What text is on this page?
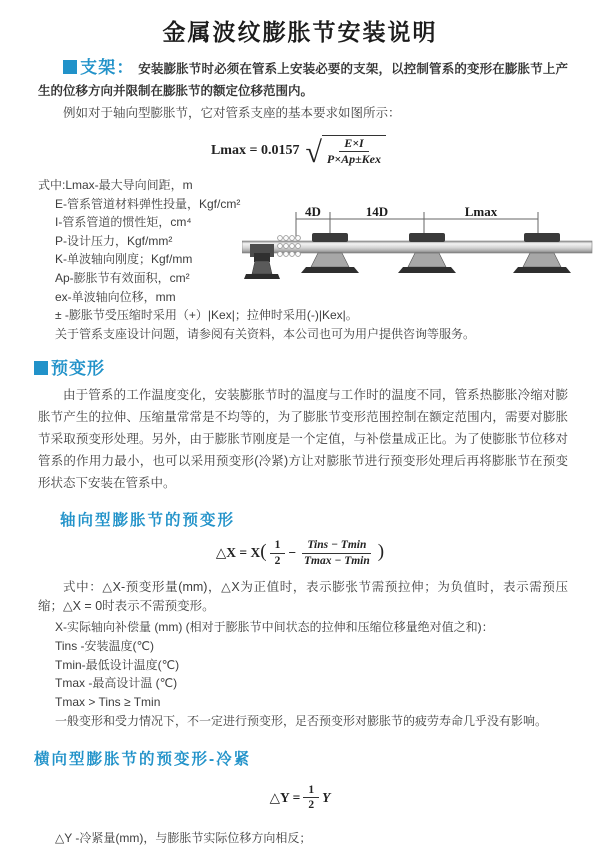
金属波纹膨胀节安装说明

支架： 安装膨胀节时必须在管系上安装必要的支架，以控制管系的变形在膨胀节上产生的位移方向并限制在膨胀节的额定位移范围内。

例如对于轴向型膨胀节，它对管系支座的基本要求如图所示：

Lmax = 0.0157 √ $\frac{E\times I}{\text{P×Ap±Kex}}$
式中:Lmax-最大导向间距，m
E-管系管道材料弹性投量，Kgf/cm²
I-管系管道的惯性矩，cm⁴
P-设计压力，Kgf/mm²
K-单波轴向刚度；Kgf/mm
Ap-膨胀节有效面积，cm²
ex-单波轴向位移，mm
± -膨胀节受压缩时采用（+）|Kex|；拉伸时采用(-)|Kex|。
关于管系支座设计问题，请参阅有关资料，本公司也可为用户提供咨询等服务。
4D	14D	Lmax
预变形

由于管系的工作温度变化，安装膨胀节时的温度与工作时的温度不同，管系热膨胀冷缩对膨胀节产生的拉伸、压缩量常常是不均等的，为了膨胀节变形范围控制在额定范围内，需要对膨胀节采取预变形处理。另外，由于膨胀节刚度是一个定值，与补偿量成正比。为了使膨胀节位移对管系的作用力最小，也可以采用预变形(冷紧)方让对膨胀节进行预变形处理后再将膨胀节在预变形状态下安装在管系中。

轴向型膨胀节的预变形
△X = X ( $\frac{1}{2} - \frac{\text{Tins − Tmin}}{Tmax - Tmin}$ )

式中：△X-预变形量(mm)，△X为正值时，表示膨张节需预拉伸；为负值时，表示需预压缩；△X = 0时表示不需预变形。

X-实际轴向补偿量 (mm) (相对于膨胀节中间状态的拉伸和压缩位移量绝对值之和)：
Tins -安装温度(℃)
Tmin-最低设计温度(℃)
Tmax -最高设计温 (℃)
Tmax > Tins ≥ Tmin
一般变形和受力情况下，不一定进行预变形，足否预变形对膨胀节的疲劳寿命几乎没有影响。
横向型膨胀节的预变形-冷紧
△Y = $\frac{1}{2}$ Y
△Y -冷紧量(mm)，与膨胀节实际位移方向相反；
